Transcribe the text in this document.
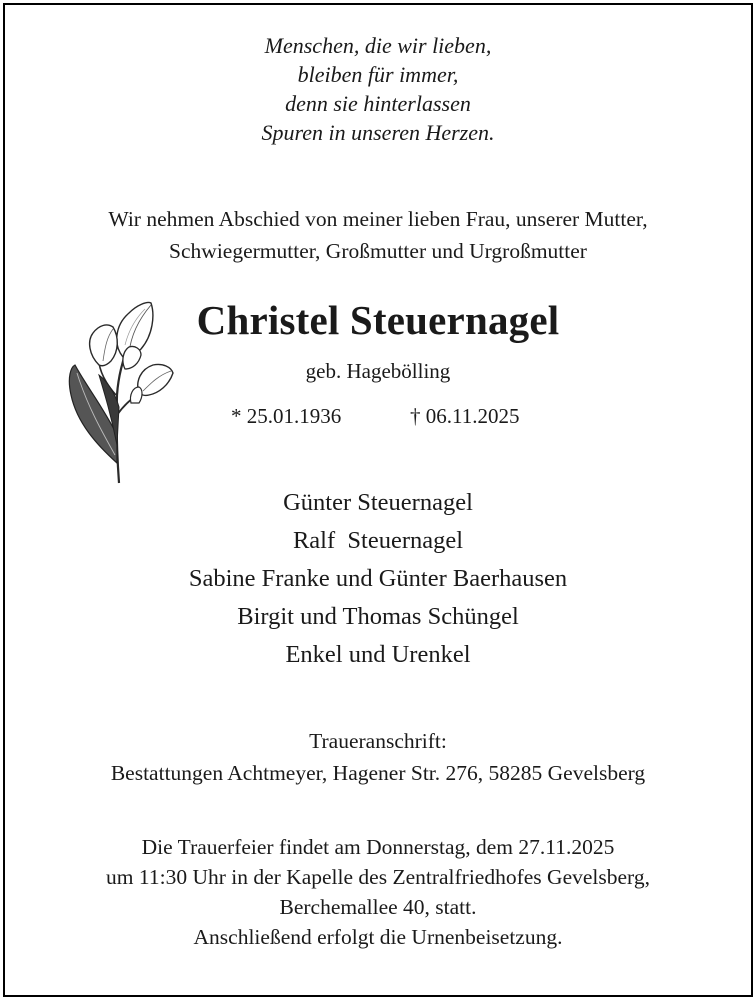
Menschen, die wir lieben,
bleiben für immer,
denn sie hinterlassen
Spuren in unseren Herzen.
Wir nehmen Abschied von meiner lieben Frau, unserer Mutter,
Schwiegermutter, Großmutter und Urgroßmutter
Christel Steuernagel
geb. Hagebölling
* 25.01.1936	† 06.11.2025
Günter Steuernagel
Ralf  Steuernagel
Sabine Franke und Günter Baerhausen
Birgit und Thomas Schüngel
Enkel und Urenkel
Traueranschrift:
Bestattungen Achtmeyer, Hagener Str. 276, 58285 Gevelsberg
Die Trauerfeier findet am Donnerstag, dem 27.11.2025
um 11:30 Uhr in der Kapelle des Zentralfriedhofes Gevelsberg,
Berchemallee 40, statt.
Anschließend erfolgt die Urnenbeisetzung.
